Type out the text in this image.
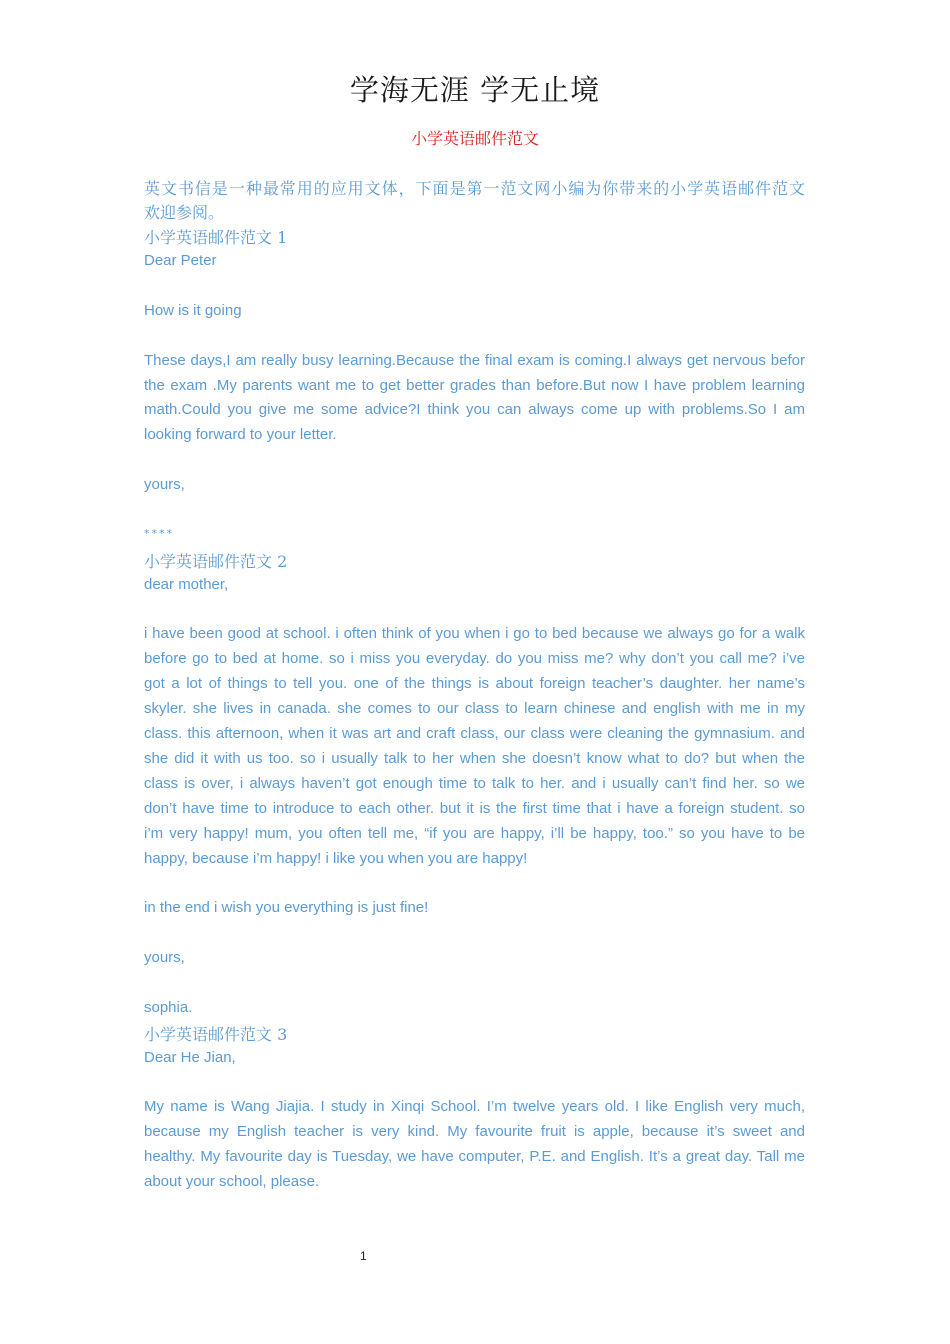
学海无涯 学无止境
小学英语邮件范文
英文书信是一种最常用的应用文体，下面是第一范文网小编为你带来的小学英语邮件范文
欢迎参阅。
小学英语邮件范文 1
Dear Peter
How is it going
These days,I am really busy learning.Because the final exam is coming.I always get nervous befor
the exam .My parents want me to get better grades than before.But now I have problem learning
math.Could you give me some advice?I think you can always come up with problems.So I am
looking forward to your letter.
yours,
****
小学英语邮件范文 2
dear mother,
i have been good at school. i often think of you when i go to bed because we always go for a walk
before go to bed at home. so i miss you everyday. do you miss me? why don’t you call me? i’ve
got a lot of things to tell you. one of the things is about foreign teacher’s daughter. her name’s
skyler. she lives in canada. she comes to our class to learn chinese and english with me in my
class. this afternoon, when it was art and craft class, our class were cleaning the gymnasium. and
she did it with us too. so i usually talk to her when she doesn’t know what to do? but when the
class is over, i always haven’t got enough time to talk to her. and i usually can’t find her. so we
don’t have time to introduce to each other. but it is the first time that i have a foreign student. so
i’m very happy! mum, you often tell me, “if you are happy, i’ll be happy, too.” so you have to be
happy, because i’m happy! i like you when you are happy!
in the end i wish you everything is just fine!
yours,
sophia.
小学英语邮件范文 3
Dear He Jian,
My name is Wang Jiajia. I study in Xinqi School. I’m twelve years old. I like English very much,
because my English teacher is very kind. My favourite fruit is apple, because it’s sweet and
healthy. My favourite day is Tuesday, we have computer, P.E. and English. It’s a great day. Tall me
about your school, please.
1
